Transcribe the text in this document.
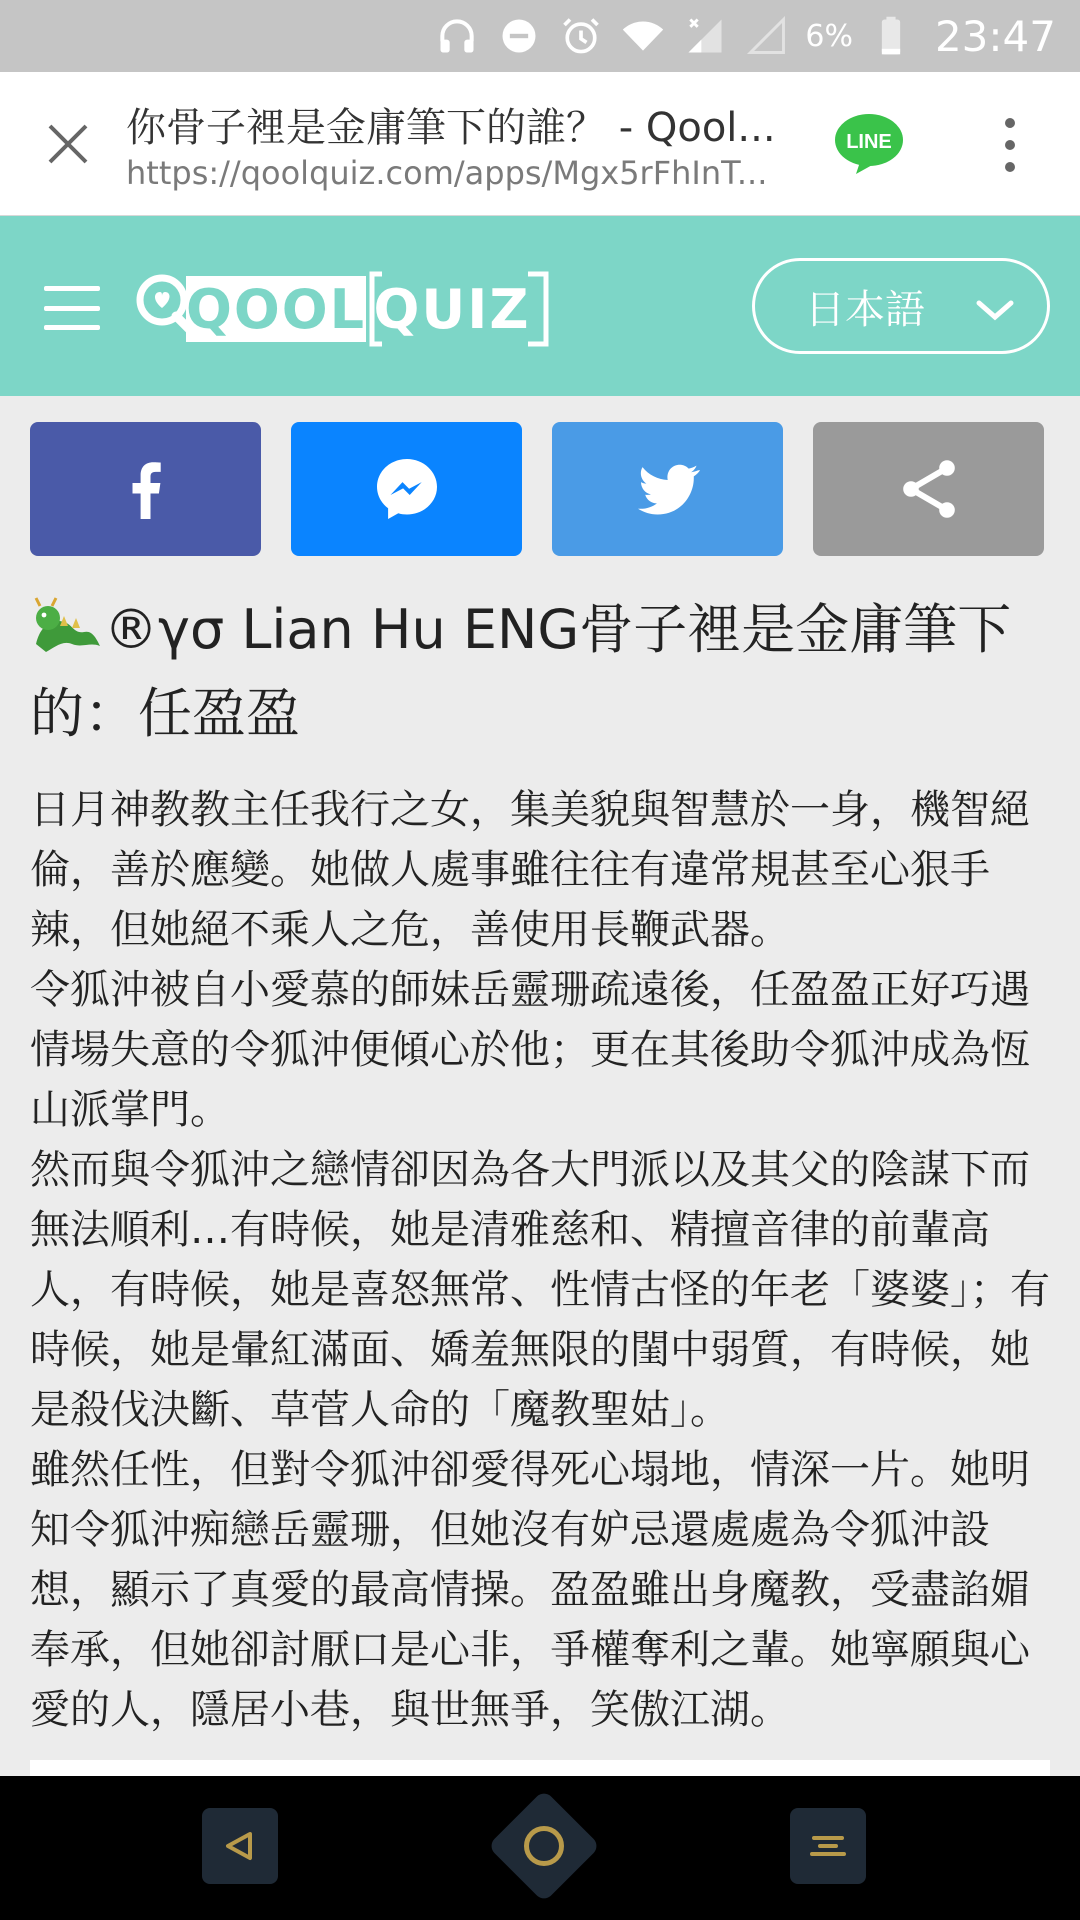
6% 23:47
你骨子裡是金庸筆下的誰？ - Qool...
https://qoolquiz.com/apps/Mgx5rFhInT...
LINE
QOOL QUIZ	日本語
®γσ Lian Hu ENG骨子裡是金庸筆下的：任盈盈

日月神教教主任我行之女，集美貌與智慧於一身，機智絕倫，善於應變。她做人處事雖往往有違常規甚至心狠手辣，但她絕不乘人之危，善使用長鞭武器。

令狐沖被自小愛慕的師妹岳靈珊疏遠後，任盈盈正好巧遇情場失意的令狐沖便傾心於他；更在其後助令狐沖成為恆山派掌門。

然而與令狐沖之戀情卻因為各大門派以及其父的陰謀下而無法順利…有時候，她是清雅慈和、精擅音律的前輩高人，有時候，她是喜怒無常、性情古怪的年老「婆婆」；有時候，她是暈紅滿面、嬌羞無限的閨中弱質，有時候，她是殺伐決斷、草菅人命的「魔教聖姑」。

雖然任性，但對令狐沖卻愛得死心塌地，情深一片。她明知令狐沖痴戀岳靈珊，但她沒有妒忌還處處為令狐沖設想，顯示了真愛的最高情操。盈盈雖出身魔教，受盡諂媚奉承，但她卻討厭口是心非，爭權奪利之輩。她寧願與心愛的人，隱居小巷，與世無爭，笑傲江湖。
